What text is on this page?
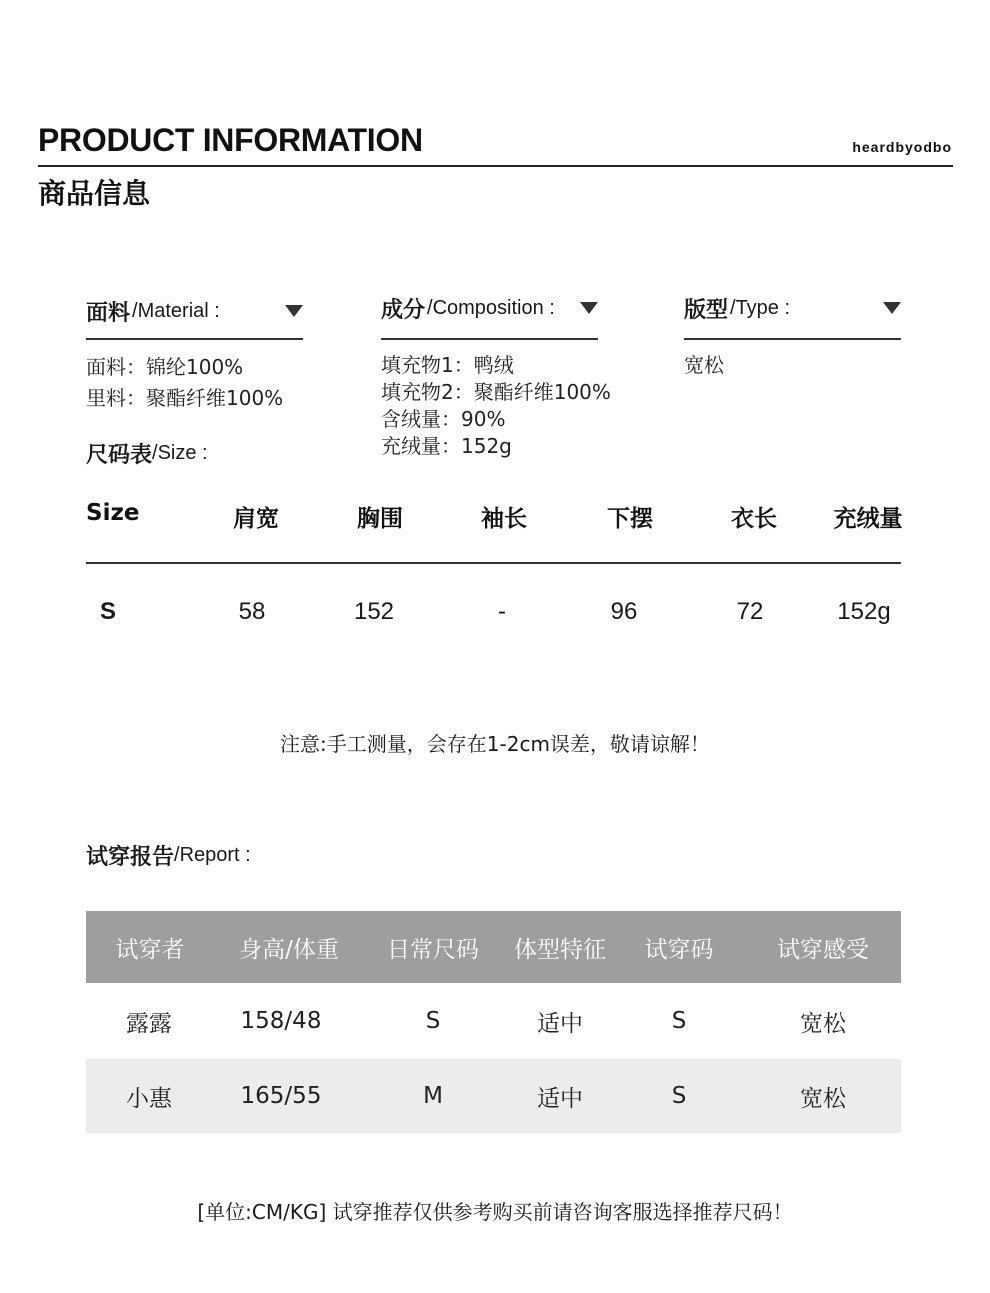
PRODUCT INFORMATION	heardbyodbo
商品信息
面料 /Material :
面料：锦纶100%
里料：聚酯纤维100%
成分 /Composition :
填充物1：鸭绒
填充物2：聚酯纤维100%
含绒量：90%
充绒量：152g
版型 /Type :
宽松
尺码表 /Size :
Size	肩宽	胸围	袖长	下摆	衣长	充绒量
S	58	152	-	96	72	152g
注意:手工测量，会存在1-2cm误差，敬请谅解！
试穿报告 /Report :
试穿者	身高/体重	日常尺码	体型特征	试穿码	试穿感受
露露	158/48	S	适中	S	宽松
小惠	165/55	M	适中	S	宽松
[单位:CM/KG] 试穿推荐仅供参考购买前请咨询客服选择推荐尺码！
